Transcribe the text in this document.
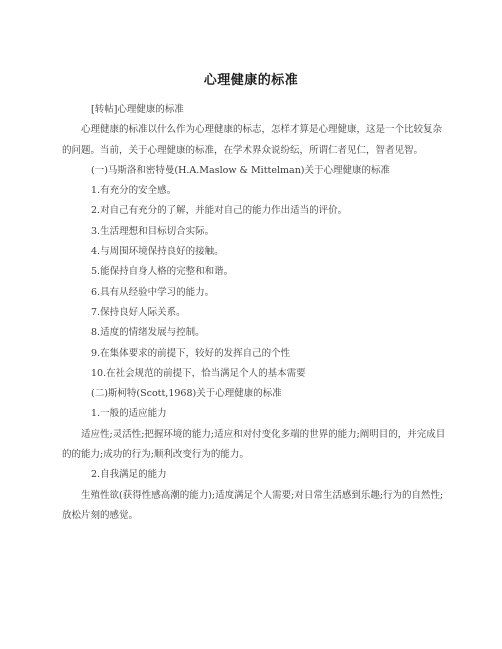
心理健康的标准

[转帖]心理健康的标准

心理健康的标准以什么作为心理健康的标志，怎样才算是心理健康，这是一个比较复杂的问题。当前，关于心理健康的标准，在学术界众说纷纭，所谓仁者见仁，智者见智。

(一)马斯洛和密特曼(H.A.Maslow & Mittelman)关于心理健康的标准

1.有充分的安全感。

2.对自己有充分的了解，并能对自己的能力作出适当的评价。

3.生活理想和目标切合实际。

4.与周围环境保持良好的接触。

5.能保持自身人格的完整和和谐。

6.具有从经验中学习的能力。

7.保持良好人际关系。

8.适度的情绪发展与控制。

9.在集体要求的前提下，较好的发挥自己的个性

10.在社会规范的前提下，恰当满足个人的基本需要

(二)斯柯特(Scott,1968)关于心理健康的标准

1.一般的适应能力

适应性;灵活性;把握环境的能力;适应和对付变化多端的世界的能力;阐明目的，并完成目的的能力;成功的行为;顺利改变行为的能力。

2.自我满足的能力

生殖性欲(获得性感高潮的能力);适度满足个人需要;对日常生活感到乐趣;行为的自然性;放松片刻的感觉。
